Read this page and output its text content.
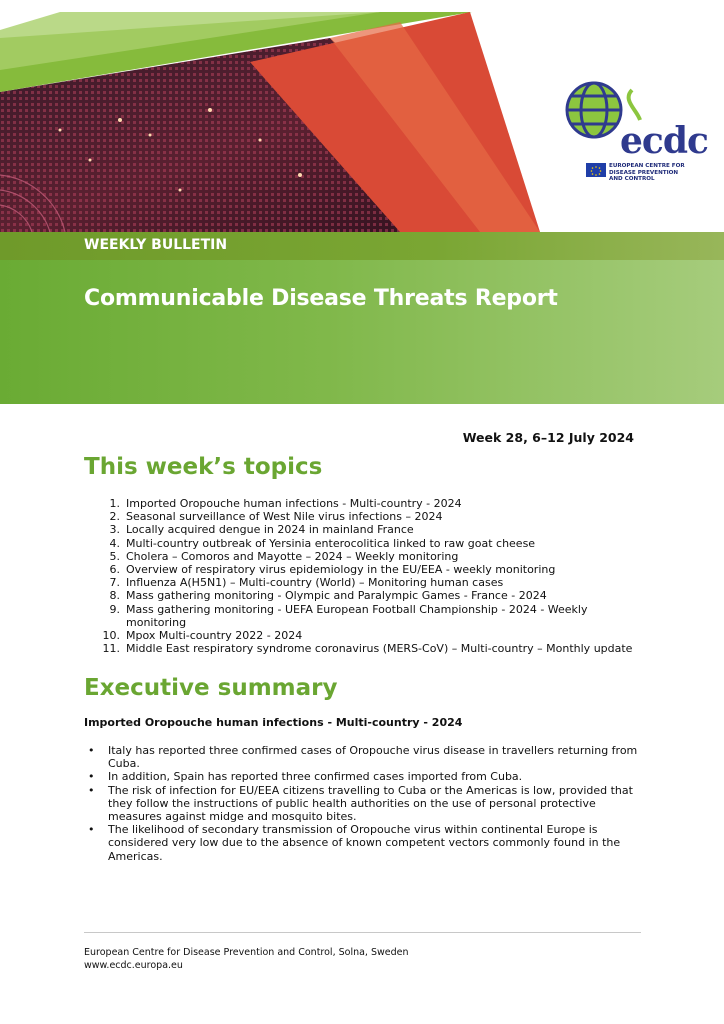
ecdc
EUROPEAN CENTRE FOR
DISEASE PREVENTION
AND CONTROL
WEEKLY BULLETIN
Communicable Disease Threats Report
Week 28, 6–12 July 2024
This week’s topics
1. Imported Oropouche human infections - Multi-country - 2024
2. Seasonal surveillance of West Nile virus infections – 2024
3. Locally acquired dengue in 2024 in mainland France
4. Multi-country outbreak of Yersinia enterocolitica linked to raw goat cheese
5. Cholera – Comoros and Mayotte – 2024 – Weekly monitoring
6. Overview of respiratory virus epidemiology in the EU/EEA - weekly monitoring
7. Influenza A(H5N1) – Multi-country (World) – Monitoring human cases
8. Mass gathering monitoring - Olympic and Paralympic Games - France - 2024
9. Mass gathering monitoring - UEFA European Football Championship - 2024 - Weekly monitoring
10. Mpox Multi-country 2022 - 2024
11. Middle East respiratory syndrome coronavirus (MERS-CoV) – Multi-country – Monthly update
Executive summary
Imported Oropouche human infections - Multi-country - 2024
• Italy has reported three confirmed cases of Oropouche virus disease in travellers returning from Cuba.
• In addition, Spain has reported three confirmed cases imported from Cuba.
• The risk of infection for EU/EEA citizens travelling to Cuba or the Americas is low, provided that they follow the instructions of public health authorities on the use of personal protective measures against midge and mosquito bites.
• The likelihood of secondary transmission of Oropouche virus within continental Europe is considered very low due to the absence of known competent vectors commonly found in the Americas.
European Centre for Disease Prevention and Control, Solna, Sweden
www.ecdc.europa.eu
